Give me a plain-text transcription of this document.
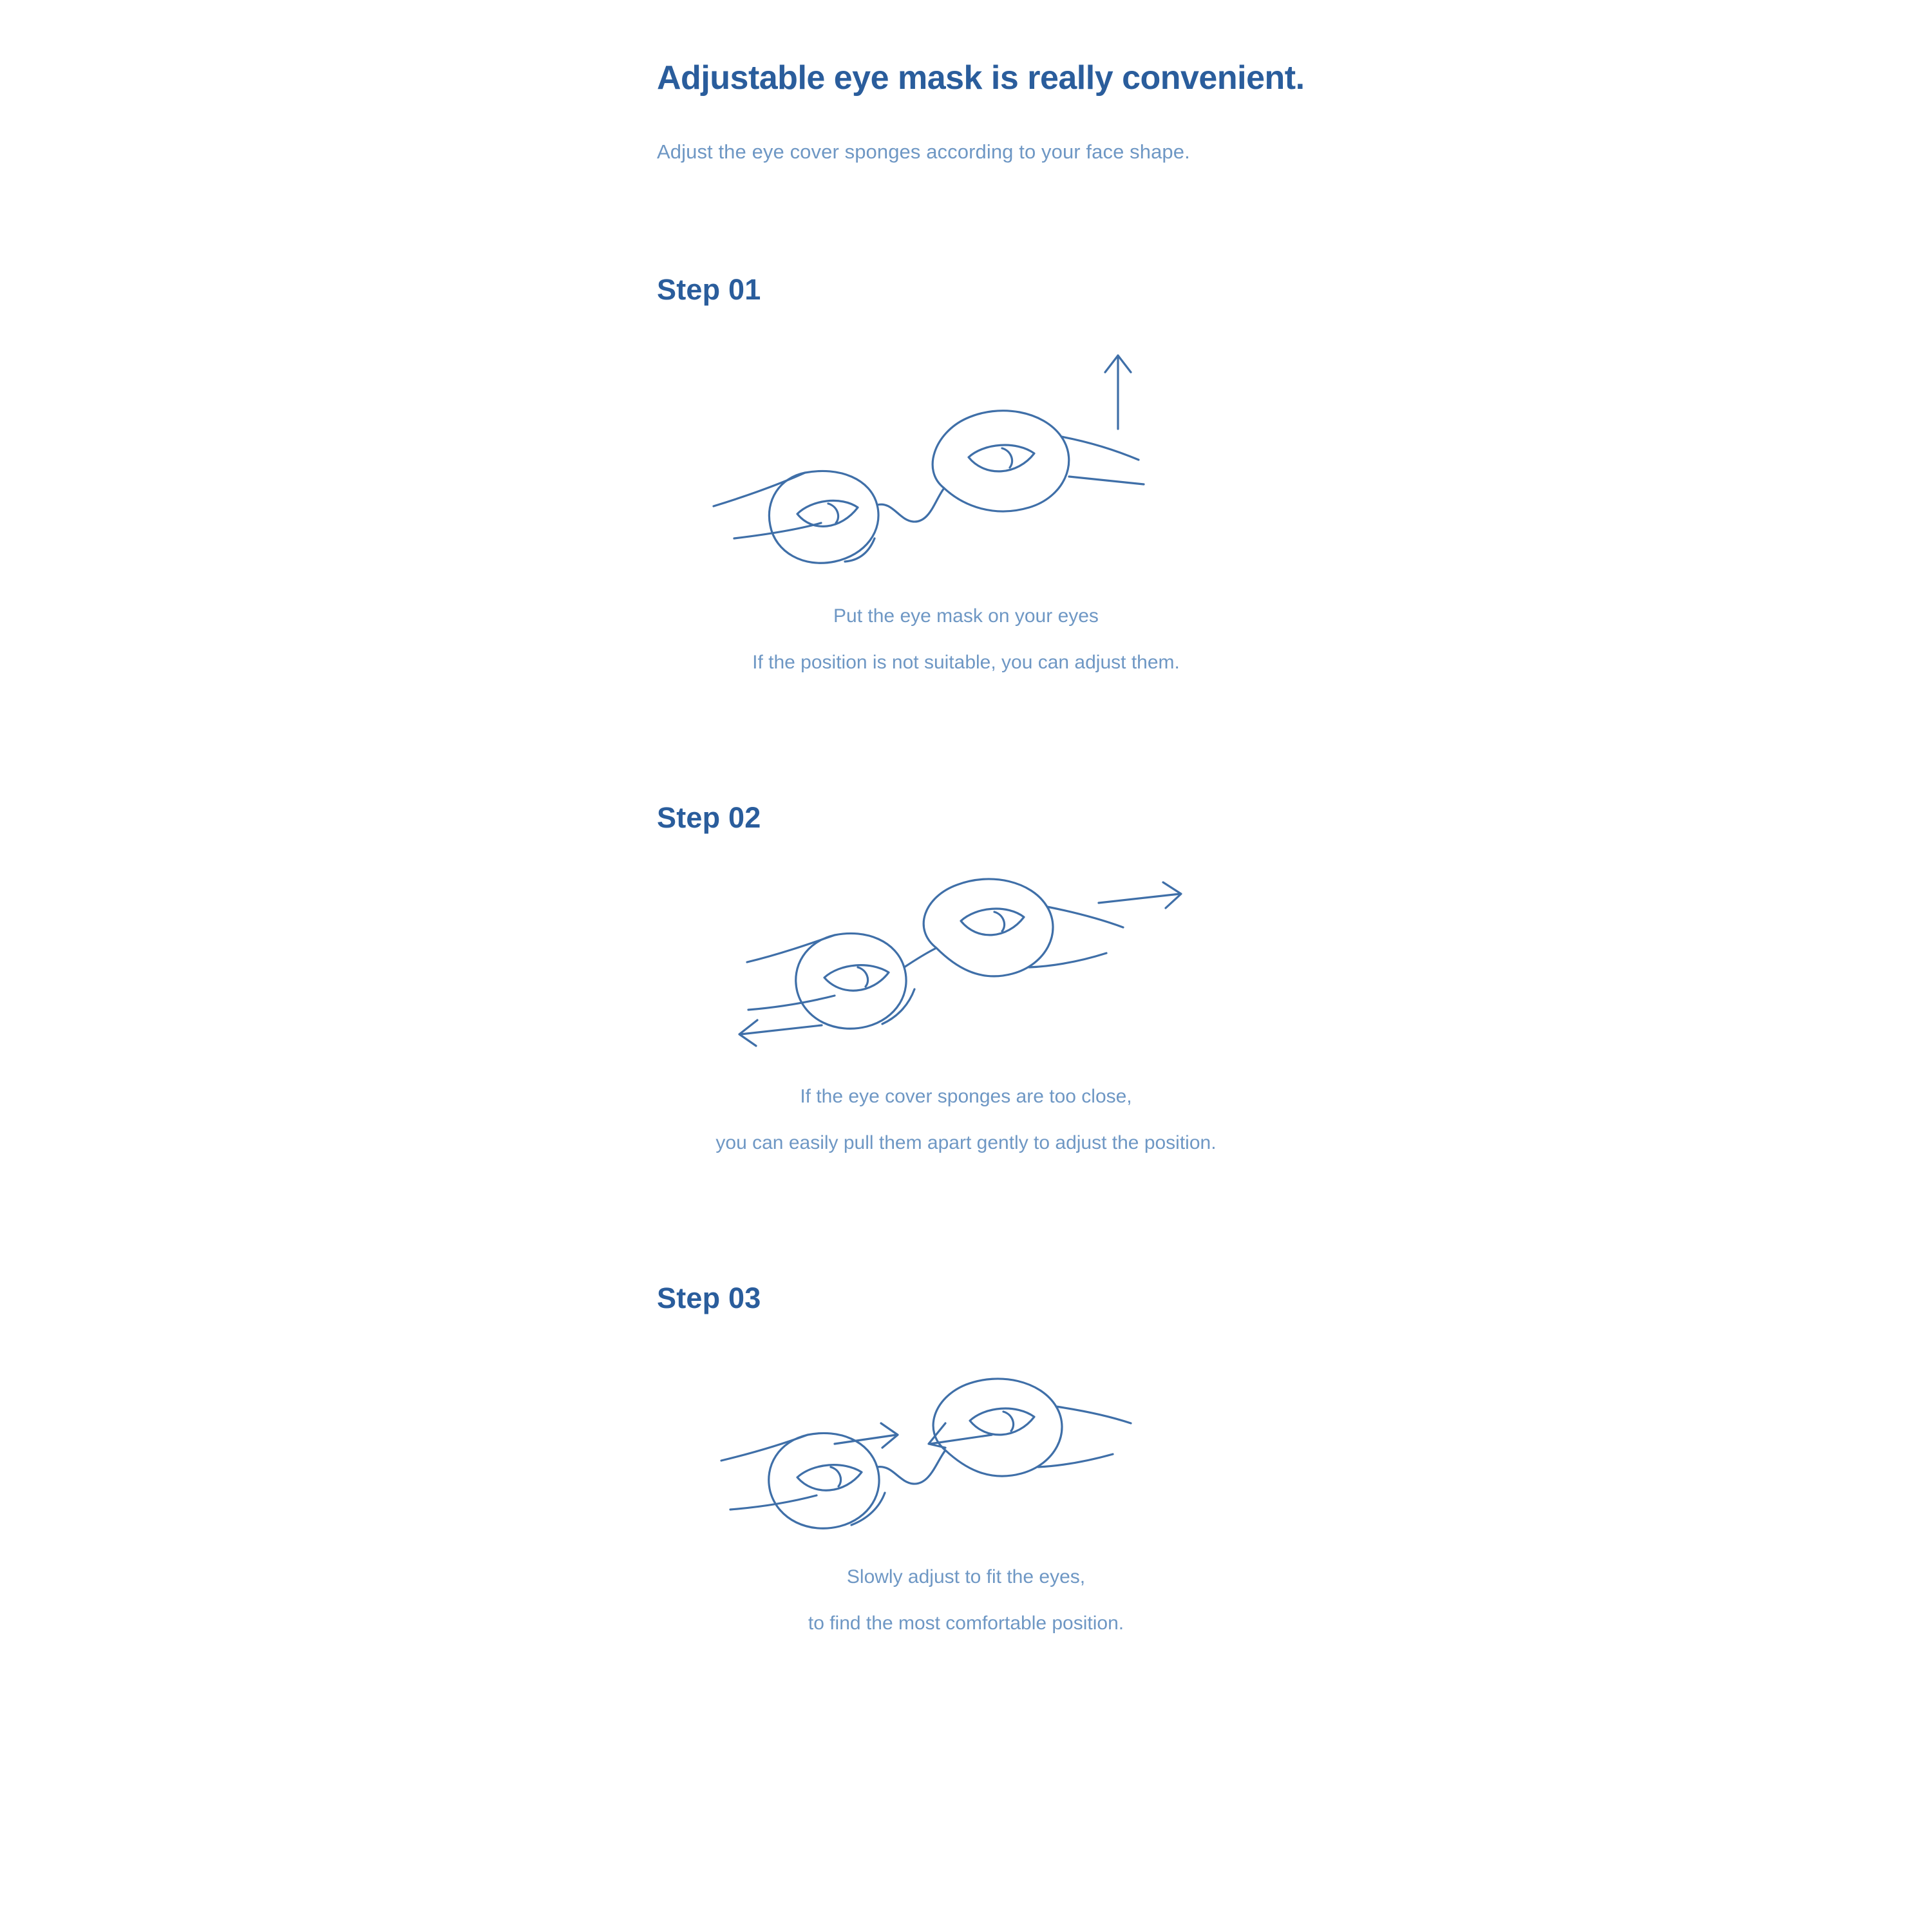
Adjustable eye mask is really convenient.
Adjust the eye cover sponges according to your face shape.
Step 01
Put the eye mask on your eyes
If the position is not suitable, you can adjust them.
Step 02
If the eye cover sponges are too close,
you can easily pull them apart gently to adjust the position.
Step 03
Slowly adjust to fit the eyes,
to find the most comfortable position.
